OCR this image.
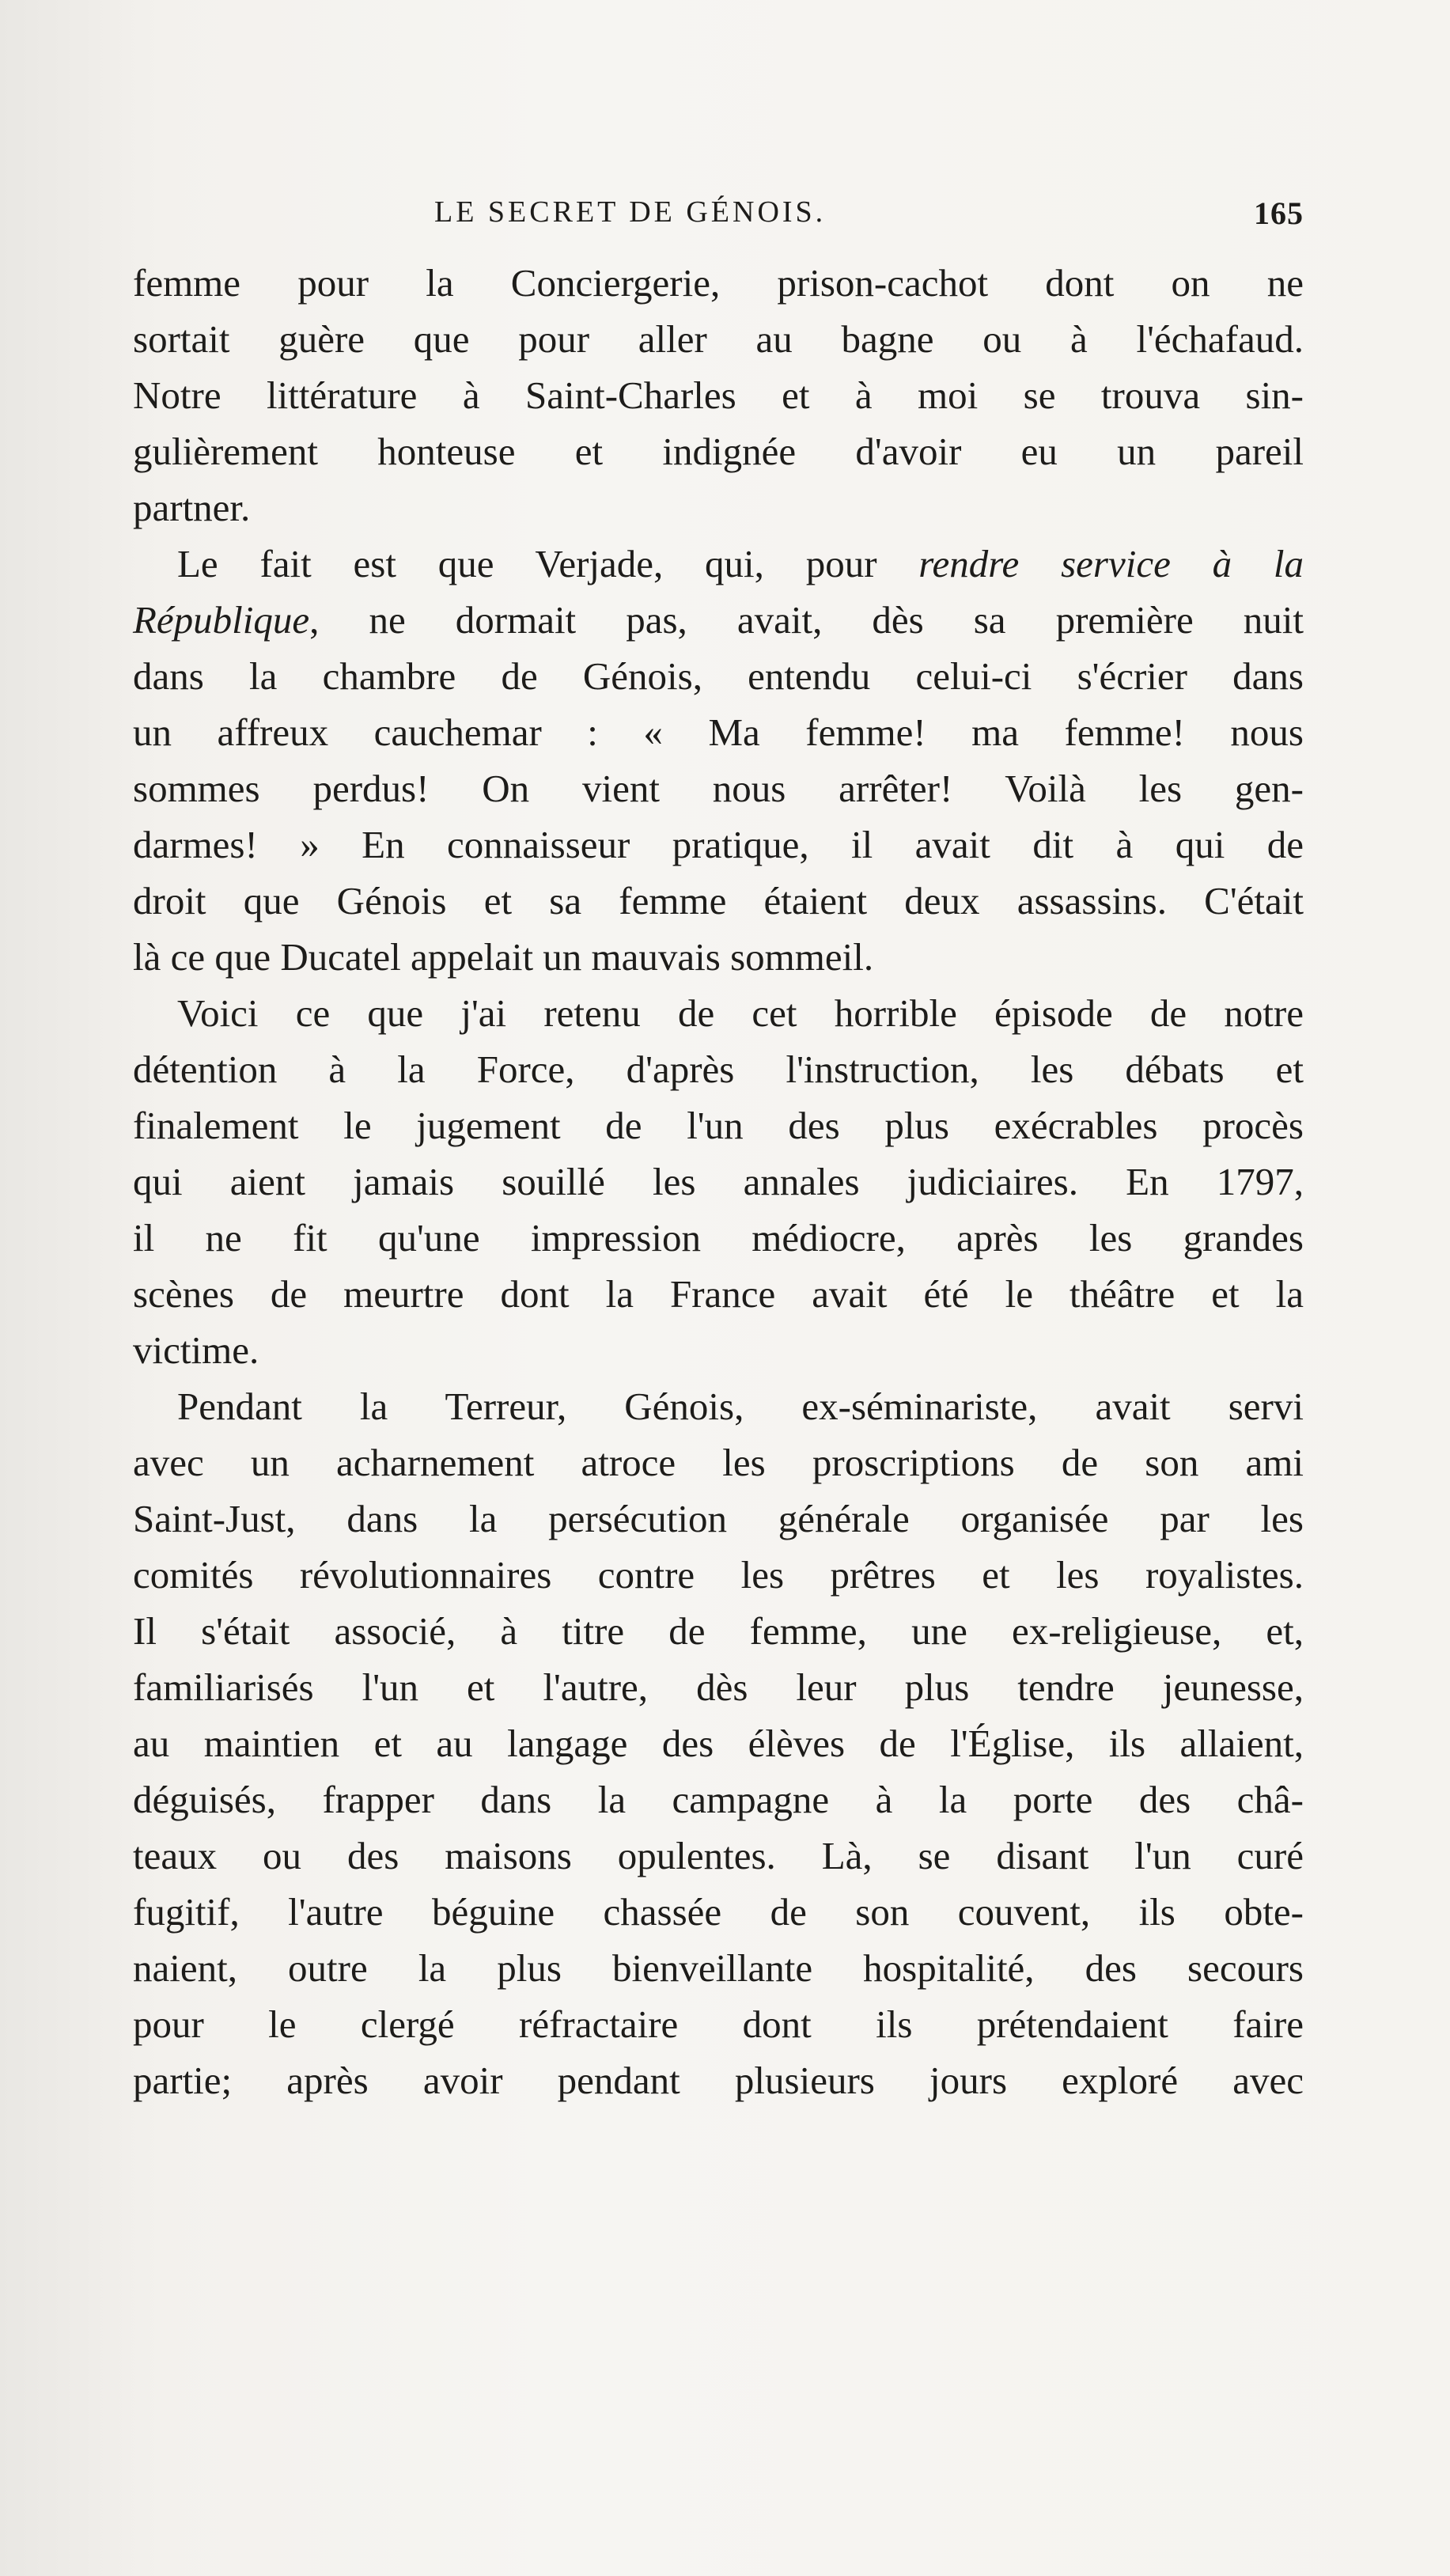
LE SECRET DE GÉNOIS.	165
femme pour la Conciergerie, prison-cachot dont on ne
sortait guère que pour aller au bagne ou à l'échafaud.
Notre littérature à Saint-Charles et à moi se trouva sin-
gulièrement honteuse et indignée d'avoir eu un pareil
partner.
Le fait est que Verjade, qui, pour rendre service à la
République, ne dormait pas, avait, dès sa première nuit
dans la chambre de Génois, entendu celui-ci s'écrier dans
un affreux cauchemar : « Ma femme! ma femme! nous
sommes perdus! On vient nous arrêter! Voilà les gen-
darmes! » En connaisseur pratique, il avait dit à qui de
droit que Génois et sa femme étaient deux assassins. C'était
là ce que Ducatel appelait un mauvais sommeil.
Voici ce que j'ai retenu de cet horrible épisode de notre
détention à la Force, d'après l'instruction, les débats et
finalement le jugement de l'un des plus exécrables procès
qui aient jamais souillé les annales judiciaires. En 1797,
il ne fit qu'une impression médiocre, après les grandes
scènes de meurtre dont la France avait été le théâtre et la
victime.
Pendant la Terreur, Génois, ex-séminariste, avait servi
avec un acharnement atroce les proscriptions de son ami
Saint-Just, dans la persécution générale organisée par les
comités révolutionnaires contre les prêtres et les royalistes.
Il s'était associé, à titre de femme, une ex-religieuse, et,
familiarisés l'un et l'autre, dès leur plus tendre jeunesse,
au maintien et au langage des élèves de l'Église, ils allaient,
déguisés, frapper dans la campagne à la porte des châ-
teaux ou des maisons opulentes. Là, se disant l'un curé
fugitif, l'autre béguine chassée de son couvent, ils obte-
naient, outre la plus bienveillante hospitalité, des secours
pour le clergé réfractaire dont ils prétendaient faire
partie; après avoir pendant plusieurs jours exploré avec
